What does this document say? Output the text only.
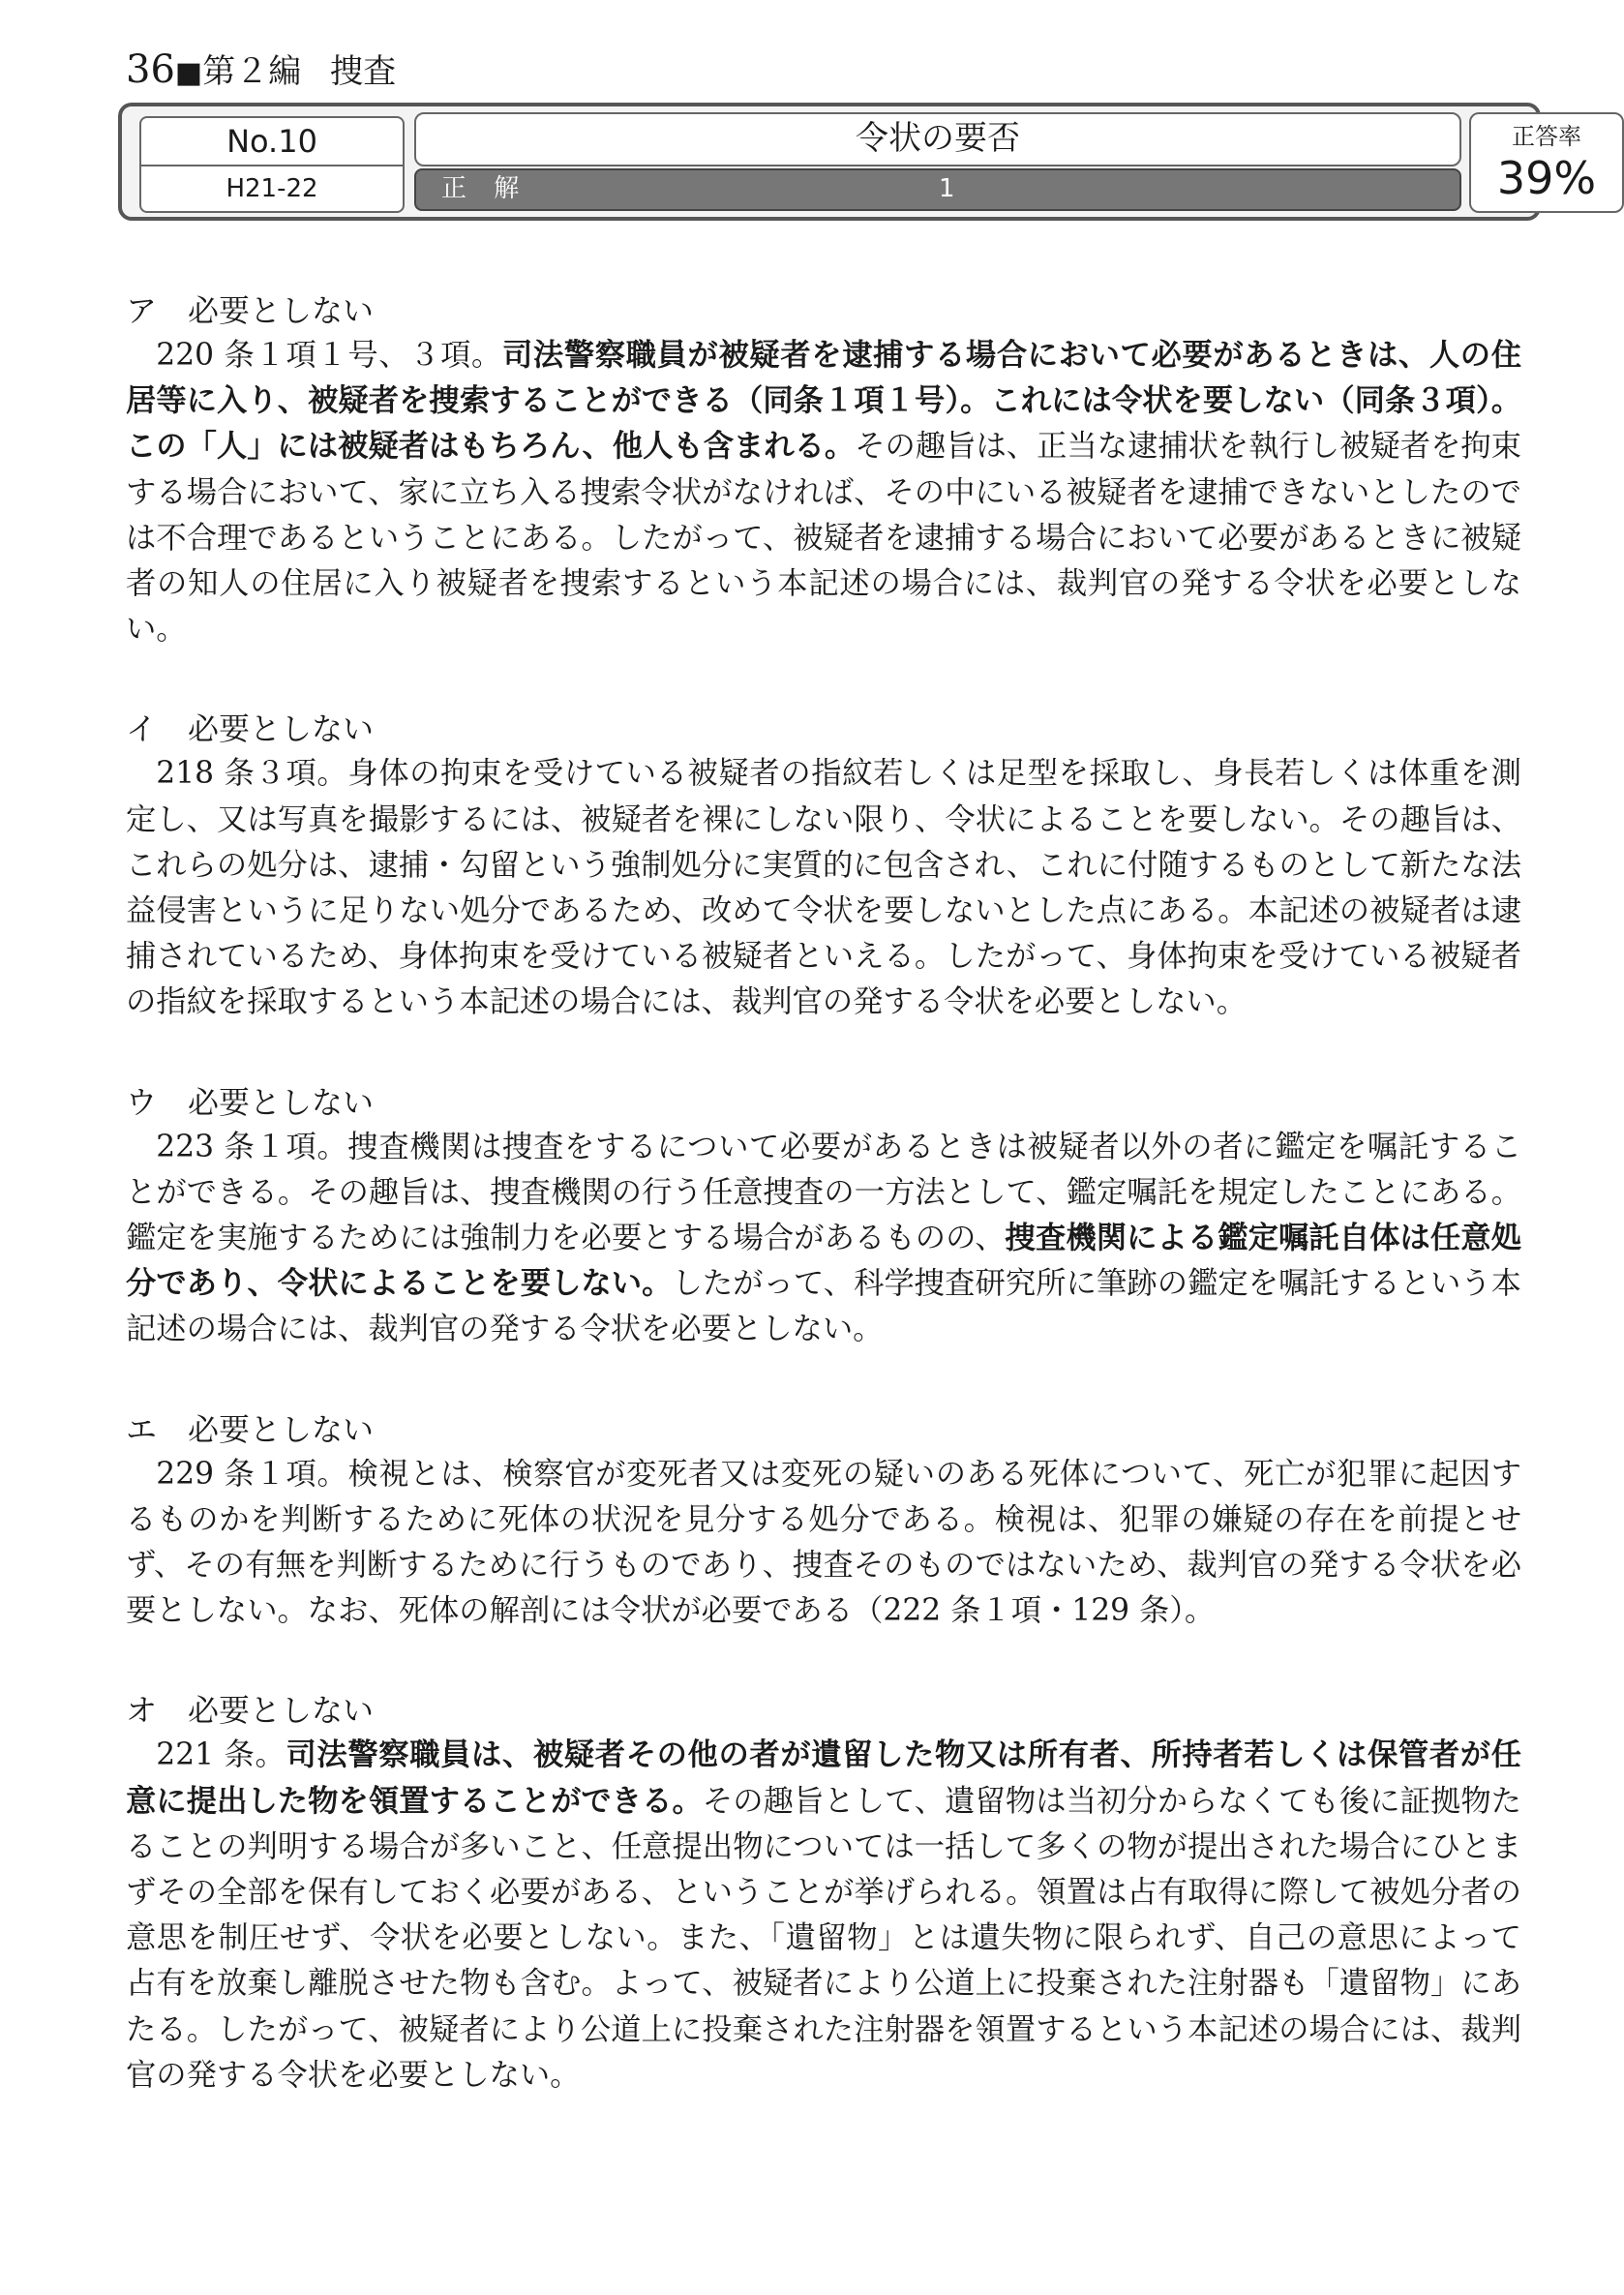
36■第２編 捜査
No.10
H21-22
令状の要否
正 解	1
正答率
39%
ア　必要としない

220 条１項１号、３項。司法警察職員が被疑者を逮捕する場合において必要があるときは、人の住居等に入り、被疑者を捜索することができる（同条１項１号）。これには令状を要しない（同条３項）。この「人」には被疑者はもちろん、他人も含まれる。その趣旨は、正当な逮捕状を執行し被疑者を拘束する場合において、家に立ち入る捜索令状がなければ、その中にいる被疑者を逮捕できないとしたのでは不合理であるということにある。したがって、被疑者を逮捕する場合において必要があるときに被疑者の知人の住居に入り被疑者を捜索するという本記述の場合には、裁判官の発する令状を必要としない。

イ　必要としない

218 条３項。身体の拘束を受けている被疑者の指紋若しくは足型を採取し、身長若しくは体重を測定し、又は写真を撮影するには、被疑者を裸にしない限り、令状によることを要しない。その趣旨は、これらの処分は、逮捕・勾留という強制処分に実質的に包含され、これに付随するものとして新たな法益侵害というに足りない処分であるため、改めて令状を要しないとした点にある。本記述の被疑者は逮捕されているため、身体拘束を受けている被疑者といえる。したがって、身体拘束を受けている被疑者の指紋を採取するという本記述の場合には、裁判官の発する令状を必要としない。

ウ　必要としない

223 条１項。捜査機関は捜査をするについて必要があるときは被疑者以外の者に鑑定を嘱託することができる。その趣旨は、捜査機関の行う任意捜査の一方法として、鑑定嘱託を規定したことにある。鑑定を実施するためには強制力を必要とする場合があるものの、捜査機関による鑑定嘱託自体は任意処分であり、令状によることを要しない。したがって、科学捜査研究所に筆跡の鑑定を嘱託するという本記述の場合には、裁判官の発する令状を必要としない。

エ　必要としない

229 条１項。検視とは、検察官が変死者又は変死の疑いのある死体について、死亡が犯罪に起因するものかを判断するために死体の状況を見分する処分である。検視は、犯罪の嫌疑の存在を前提とせず、その有無を判断するために行うものであり、捜査そのものではないため、裁判官の発する令状を必要としない。なお、死体の解剖には令状が必要である（222 条１項・129 条）。

オ　必要としない

221 条。司法警察職員は、被疑者その他の者が遺留した物又は所有者、所持者若しくは保管者が任意に提出した物を領置することができる。その趣旨として、遺留物は当初分からなくても後に証拠物たることの判明する場合が多いこと、任意提出物については一括して多くの物が提出された場合にひとまずその全部を保有しておく必要がある、ということが挙げられる。領置は占有取得に際して被処分者の意思を制圧せず、令状を必要としない。また、「遺留物」とは遺失物に限られず、自己の意思によって占有を放棄し離脱させた物も含む。よって、被疑者により公道上に投棄された注射器も「遺留物」にあたる。したがって、被疑者により公道上に投棄された注射器を領置するという本記述の場合には、裁判官の発する令状を必要としない。
